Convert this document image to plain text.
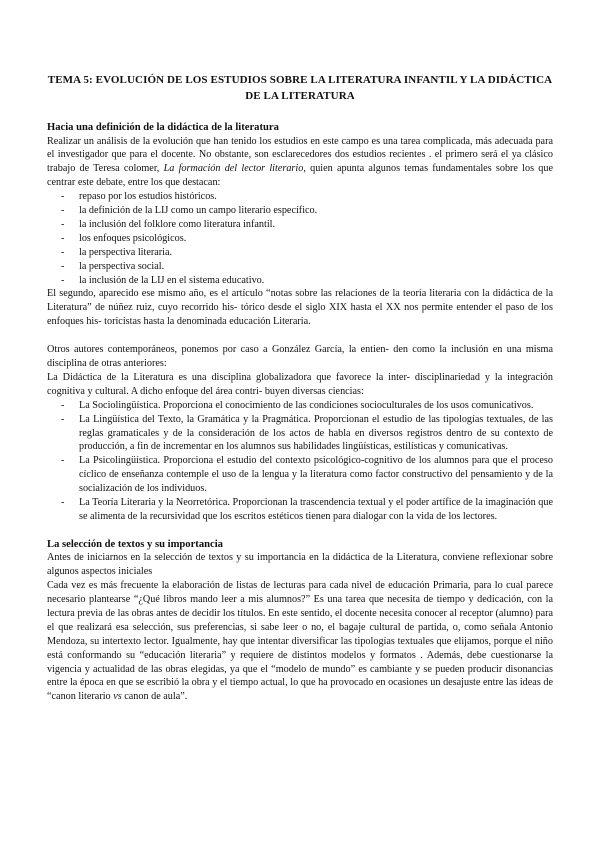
TEMA 5: EVOLUCIÓN DE LOS ESTUDIOS SOBRE LA LITERATURA INFANTIL Y LA DIDÁCTICA DE LA LITERATURA
Hacia una definición de la didáctica de la literatura

Realizar un análisis de la evolución que han tenido los estudios en este campo es una tarea complicada, más adecuada para el investigador que para el docente. No obstante, son esclarecedores dos estudios recientes . el primero será el ya clásico trabajo de Teresa colomer, La formación del lector literario, quien apunta algunos temas fundamentales sobre los que centrar este debate, entre los que destacan:

- repaso por los estudios históricos.
- la definición de la LIJ como un campo literario específico.
- la inclusión del folklore como literatura infantil.
- los enfoques psicológicos.
- la perspectiva literaria.
- la perspectiva social.
- la inclusión de la LIJ en el sistema educativo.

El segundo, aparecido ese mismo año, es el artículo “notas sobre las relaciones de la teoría literaria con la didáctica de la Literatura” de núñez ruiz, cuyo recorrido his- tórico desde el siglo XIX hasta el XX nos permite entender el paso de los enfoques his- toricistas hasta la denominada educación Literaria.

Otros autores contemporáneos, ponemos por caso a González García, la entien- den como la inclusión en una misma disciplina de otras anteriores:

La Didáctica de la Literatura es una disciplina globalizadora que favorece la inter- disciplinariedad y la integración cognitiva y cultural. A dicho enfoque del área contri- buyen diversas ciencias:

- La Sociolingüística. Proporciona el conocimiento de las condiciones socioculturales de los usos comunicativos.
- La Lingüística del Texto, la Gramática y la Pragmática. Proporcionan el estudio de las tipologías textuales, de las reglas gramaticales y de la consideración de los actos de habla en diversos registros dentro de su contexto de producción, a fin de incrementar en los alumnos sus habilidades lingüísticas, estilísticas y comunicativas.
- La Psicolingüística. Proporciona el estudio del contexto psicológico-cognitivo de los alumnos para que el proceso cíclico de enseñanza contemple el uso de la lengua y la literatura como factor constructivo del pensamiento y de la socialización de los individuos.
- La Teoría Literaria y la Neorretórica. Proporcionan la trascendencia textual y el poder artífice de la imaginación que se alimenta de la recursividad que los escritos estéticos tienen para dialogar con la vida de los lectores.
La selección de textos y su importancia

Antes de iniciarnos en la selección de textos y su importancia en la didáctica de la Literatura, conviene reflexionar sobre algunos aspectos iniciales

Cada vez es más frecuente la elaboración de listas de lecturas para cada nivel de educación Primaria, para lo cual parece necesario plantearse “¿Qué libros mando leer a mis alumnos?” Es una tarea que necesita de tiempo y dedicación, con la lectura previa de las obras antes de decidir los títulos. En este sentido, el docente necesita conocer al receptor (alumno) para el que realizará esa selección, sus preferencias, si sabe leer o no, el bagaje cultural de partida, o, como señala Antonio Mendoza, su intertexto lector. Igualmente, hay que intentar diversificar las tipologías textuales que elijamos, porque el niño está conformando su “educación literaria” y requiere de distintos modelos y formatos . Además, debe cuestionarse la vigencia y actualidad de las obras elegidas, ya que el “modelo de mundo” es cambiante y se pueden producir disonancias entre la época en que se escribió la obra y el tiempo actual, lo que ha provocado en ocasiones un desajuste entre las ideas de “canon literario vs canon de aula”.
